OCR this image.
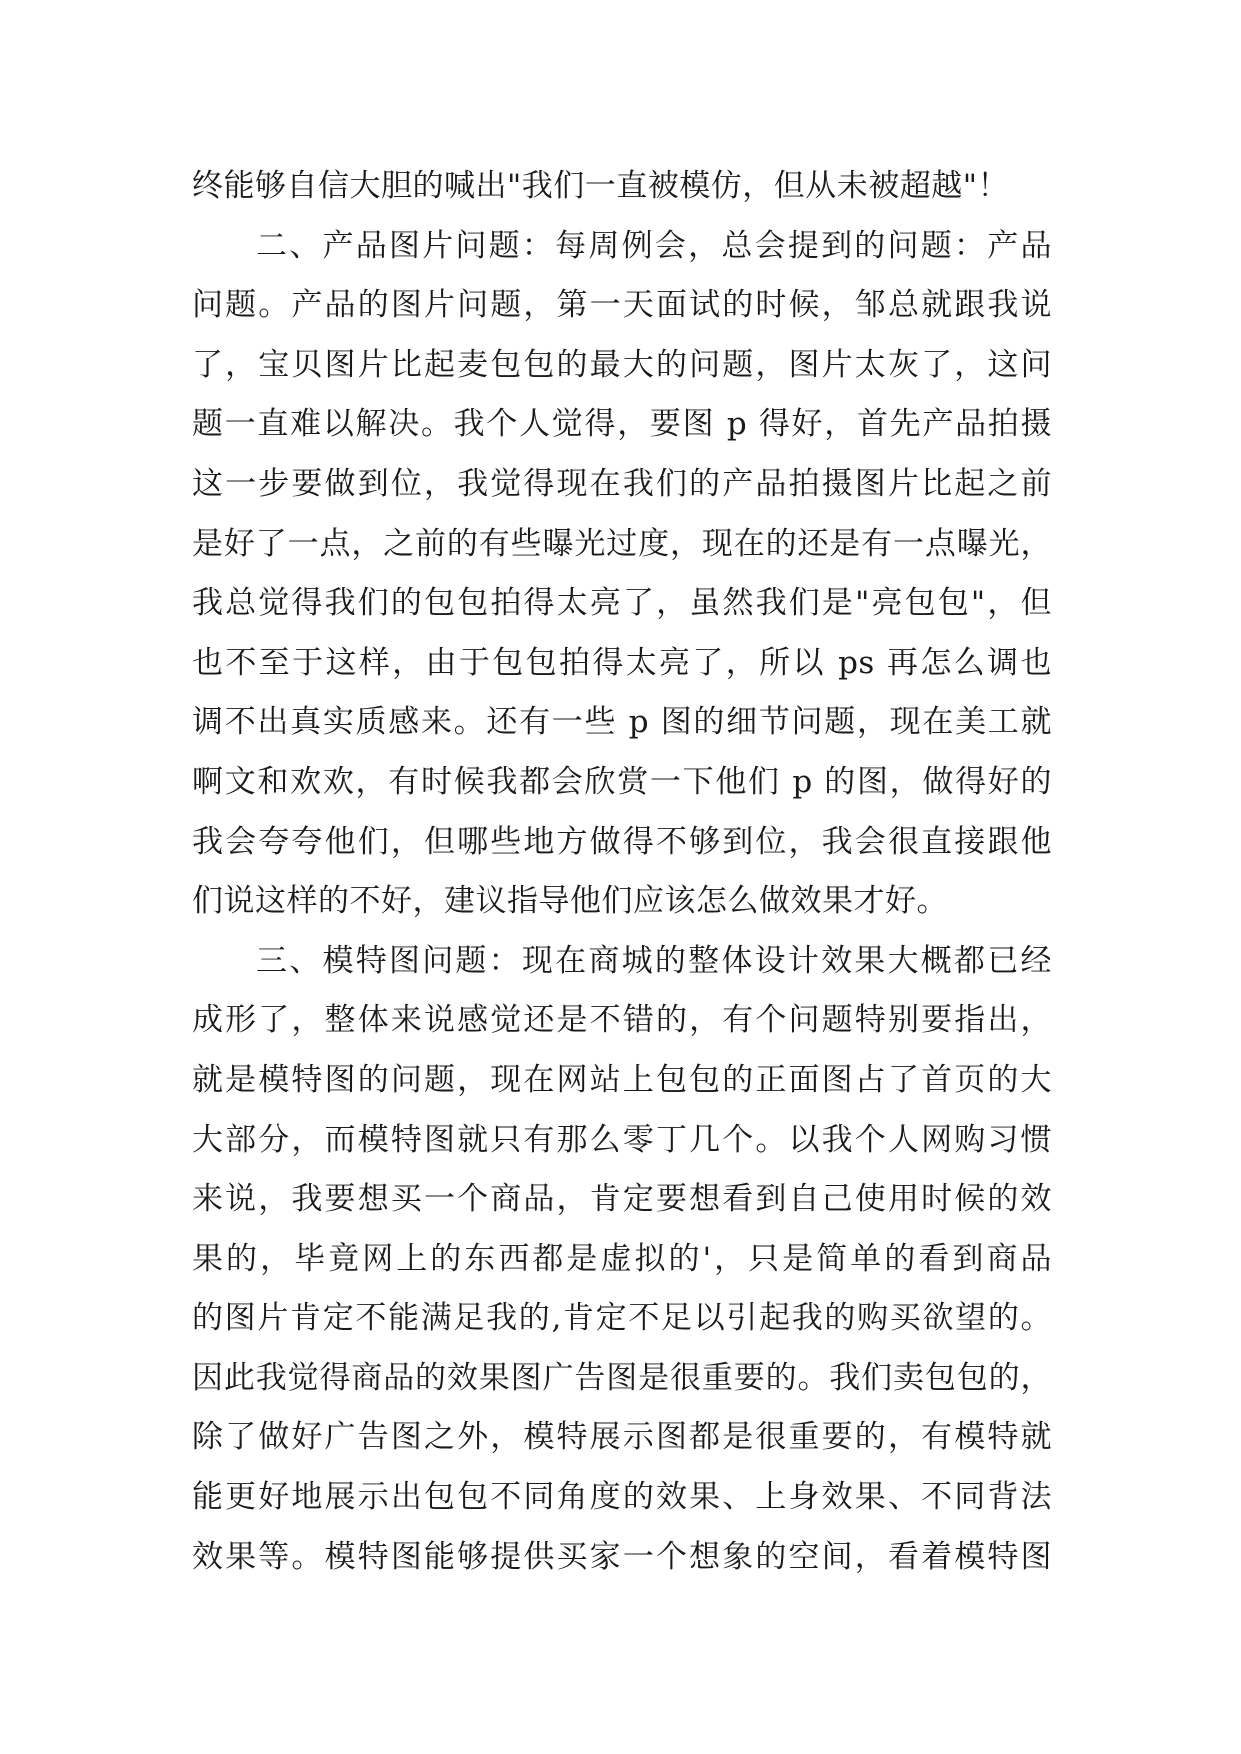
终能够自信大胆的喊出"我们一直被模仿，但从未被超越"！
二、产品图片问题：每周例会，总会提到的问题：产品
问题。产品的图片问题，第一天面试的时候，邹总就跟我说
了，宝贝图片比起麦包包的最大的问题，图片太灰了，这问
题一直难以解决。我个人觉得，要图 p 得好，首先产品拍摄
这一步要做到位，我觉得现在我们的产品拍摄图片比起之前
是好了一点，之前的有些曝光过度，现在的还是有一点曝光，
我总觉得我们的包包拍得太亮了，虽然我们是"亮包包"，但
也不至于这样，由于包包拍得太亮了，所以 ps 再怎么调也
调不出真实质感来。还有一些 p 图的细节问题，现在美工就
啊文和欢欢，有时候我都会欣赏一下他们 p 的图，做得好的
我会夸夸他们，但哪些地方做得不够到位，我会很直接跟他
们说这样的不好，建议指导他们应该怎么做效果才好。
三、模特图问题：现在商城的整体设计效果大概都已经
成形了，整体来说感觉还是不错的，有个问题特别要指出，
就是模特图的问题，现在网站上包包的正面图占了首页的大
大部分，而模特图就只有那么零丁几个。以我个人网购习惯
来说，我要想买一个商品，肯定要想看到自己使用时候的效
果的，毕竟网上的东西都是虚拟的'，只是简单的看到商品
的图片肯定不能满足我的,肯定不足以引起我的购买欲望的。
因此我觉得商品的效果图广告图是很重要的。我们卖包包的，
除了做好广告图之外，模特展示图都是很重要的，有模特就
能更好地展示出包包不同角度的效果、上身效果、不同背法
效果等。模特图能够提供买家一个想象的空间，看着模特图
